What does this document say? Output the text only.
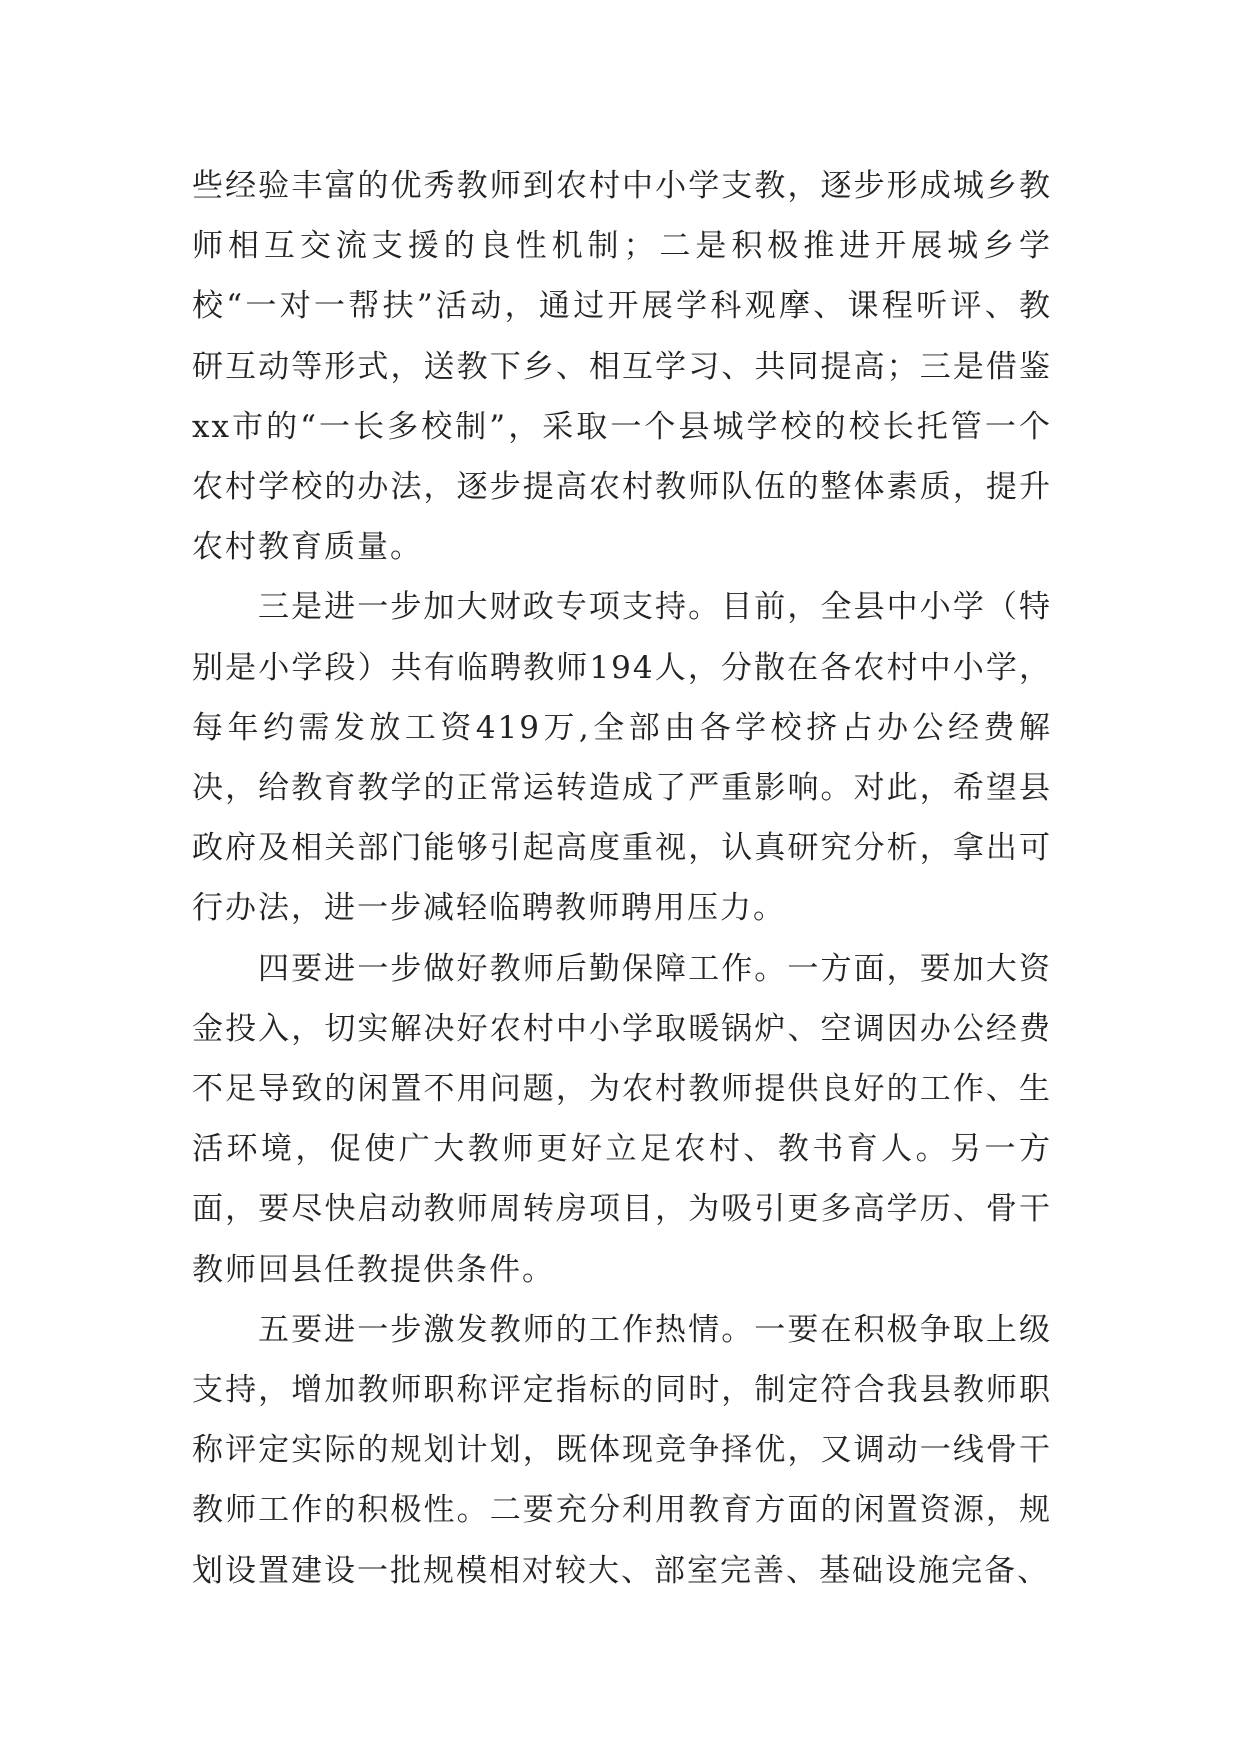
些经验丰富的优秀教师到农村中小学支教，逐步形成城乡教师相互交流支援的良性机制；二是积极推进开展城乡学校“一对一帮扶”活动，通过开展学科观摩、课程听评、教研互动等形式，送教下乡、相互学习、共同提高；三是借鉴xx市的“一长多校制”，采取一个县城学校的校长托管一个农村学校的办法，逐步提高农村教师队伍的整体素质，提升农村教育质量。

三是进一步加大财政专项支持。目前，全县中小学（特别是小学段）共有临聘教师194人，分散在各农村中小学，每年约需发放工资419万,全部由各学校挤占办公经费解决，给教育教学的正常运转造成了严重影响。对此，希望县政府及相关部门能够引起高度重视，认真研究分析，拿出可行办法，进一步减轻临聘教师聘用压力。

四要进一步做好教师后勤保障工作。一方面，要加大资金投入，切实解决好农村中小学取暖锅炉、空调因办公经费不足导致的闲置不用问题，为农村教师提供良好的工作、生活环境，促使广大教师更好立足农村、教书育人。另一方面，要尽快启动教师周转房项目，为吸引更多高学历、骨干教师回县任教提供条件。

五要进一步激发教师的工作热情。一要在积极争取上级支持，增加教师职称评定指标的同时，制定符合我县教师职称评定实际的规划计划，既体现竞争择优，又调动一线骨干教师工作的积极性。二要充分利用教育方面的闲置资源，规划设置建设一批规模相对较大、部室完善、基础设施完备、
